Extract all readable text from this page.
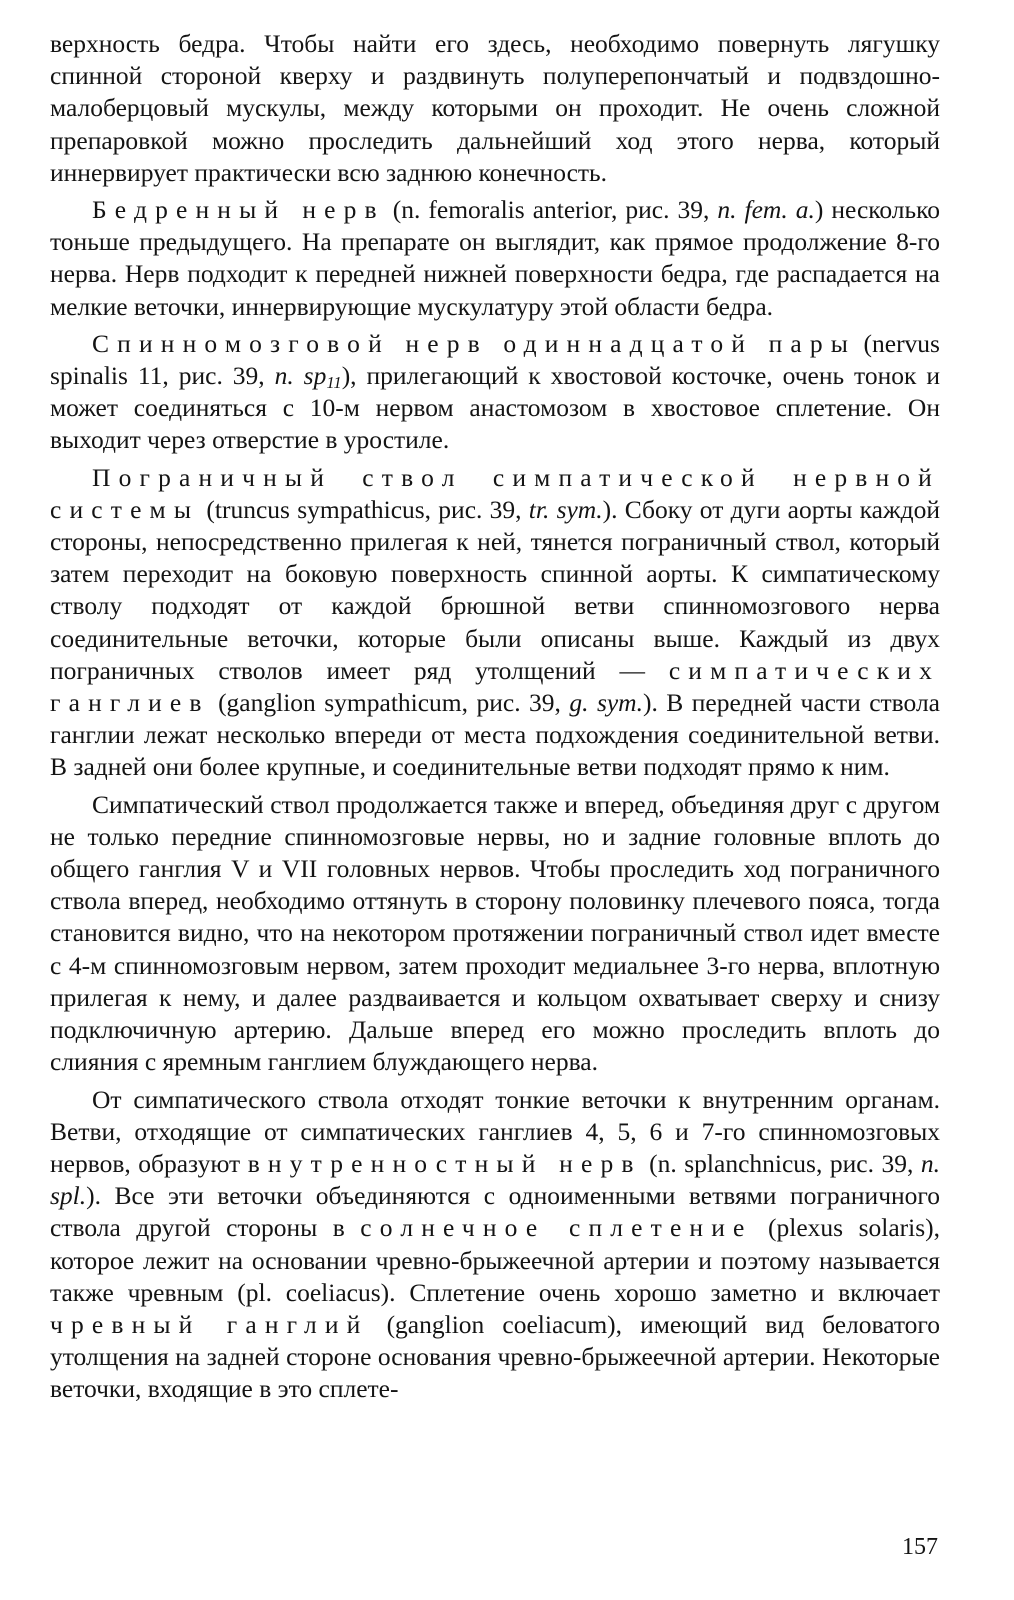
верхность бедра. Чтобы найти его здесь, необходимо повернуть лягушку спинной стороной кверху и раздвинуть полуперепончатый и подвздошно-малоберцовый мускулы, между которыми он проходит. Не очень сложной препаровкой можно проследить дальнейший ход этого нерва, который иннервирует практически всю заднюю конечность.

Бедренный нерв (n. femoralis anterior, рис. 39, n. fem. a.) несколько тоньше предыдущего. На препарате он выглядит, как прямое продолжение 8-го нерва. Нерв подходит к передней нижней поверхности бедра, где распадается на мелкие веточки, иннервирующие мускулатуру этой области бедра.

Спинномозговой нерв одиннадцатой пары (nervus spinalis 11, рис. 39, n. $sp_{11}$), прилегающий к хвостовой косточке, очень тонок и может соединяться с 10-м нервом анастомозом в хвостовое сплетение. Он выходит через отверстие в уростиле.

Пограничный ствол симпатической нервной системы (truncus sympathicus, рис. 39, tr. sym.). Сбоку от дуги аорты каждой стороны, непосредственно прилегая к ней, тянется пограничный ствол, который затем переходит на боковую поверхность спинной аорты. К симпатическому стволу подходят от каждой брюшной ветви спинномозгового нерва соединительные веточки, которые были описаны выше. Каждый из двух пограничных стволов имеет ряд утолщений — симпатических ганглиев (ganglion sympathicum, рис. 39, g. sym.). В передней части ствола ганглии лежат несколько впереди от места подхождения соединительной ветви. В задней они более крупные, и соединительные ветви подходят прямо к ним.

Симпатический ствол продолжается также и вперед, объединяя друг с другом не только передние спинномозговые нервы, но и задние головные вплоть до общего ганглия V и VII головных нервов. Чтобы проследить ход пограничного ствола вперед, необходимо оттянуть в сторону половинку плечевого пояса, тогда становится видно, что на некотором протяжении пограничный ствол идет вместе с 4-м спинномозговым нервом, затем проходит медиальнее 3-го нерва, вплотную прилегая к нему, и далее раздваивается и кольцом охватывает сверху и снизу подключичную артерию. Дальше вперед его можно проследить вплоть до слияния с яремным ганглием блуждающего нерва.

От симпатического ствола отходят тонкие веточки к внутренним органам. Ветви, отходящие от симпатических ганглиев 4, 5, 6 и 7-го спинномозговых нервов, образуют внутренностный нерв (n. splanchnicus, рис. 39, n. spl.). Все эти веточки объединяются с одноименными ветвями пограничного ствола другой стороны в солнечное сплетение (plexus solaris), которое лежит на основании чревно-брыжеечной артерии и поэтому называется также чревным (pl. coeliacus). Сплетение очень хорошо заметно и включает чревный ганглий (ganglion coeliacum), имеющий вид беловатого утолщения на задней стороне основания чревно-брыжеечной артерии. Некоторые веточки, входящие в это сплете-

157
